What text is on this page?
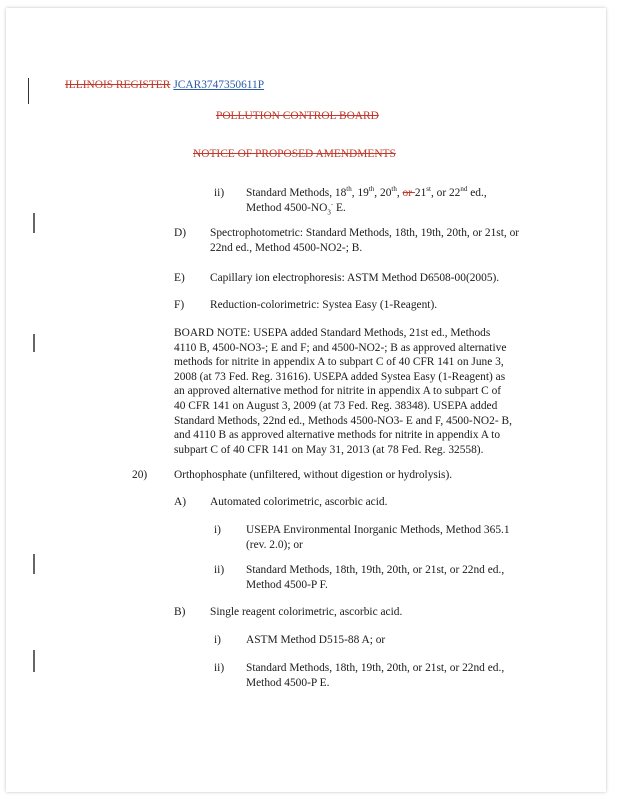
ILLINOIS REGISTER JCAR3747350611P
POLLUTION CONTROL BOARD
NOTICE OF PROPOSED AMENDMENTS
ii) Standard Methods, 18th, 19th, 20th, or 21st, or 22nd ed.,
Method $4500-NO_3^-$ E.
D) Spectrophotometric: Standard Methods, 18th, 19th, 20th, or 21st, or
22nd ed., Method 4500-NO2-; B.
E) Capillary ion electrophoresis: ASTM Method D6508-00(2005).
F) Reduction-colorimetric: Systea Easy (1-Reagent).
BOARD NOTE: USEPA added Standard Methods, 21st ed., Methods
4110 B, 4500-NO3-; E and F; and 4500-NO2-; B as approved alternative
methods for nitrite in appendix A to subpart C of 40 CFR 141 on June 3,
2008 (at 73 Fed. Reg. 31616). USEPA added Systea Easy (1-Reagent) as
an approved alternative method for nitrite in appendix A to subpart C of
40 CFR 141 on August 3, 2009 (at 73 Fed. Reg. 38348). USEPA added
Standard Methods, 22nd ed., Methods 4500-NO3- E and F, 4500-NO2- B,
and 4110 B as approved alternative methods for nitrite in appendix A to
subpart C of 40 CFR 141 on May 31, 2013 (at 78 Fed. Reg. 32558).
20) Orthophosphate (unfiltered, without digestion or hydrolysis).
A) Automated colorimetric, ascorbic acid.
i) USEPA Environmental Inorganic Methods, Method 365.1
(rev. 2.0); or
ii) Standard Methods, 18th, 19th, 20th, or 21st, or 22nd ed.,
Method 4500-P F.
B) Single reagent colorimetric, ascorbic acid.
i) ASTM Method D515-88 A; or
ii) Standard Methods, 18th, 19th, 20th, or 21st, or 22nd ed.,
Method 4500-P E.
